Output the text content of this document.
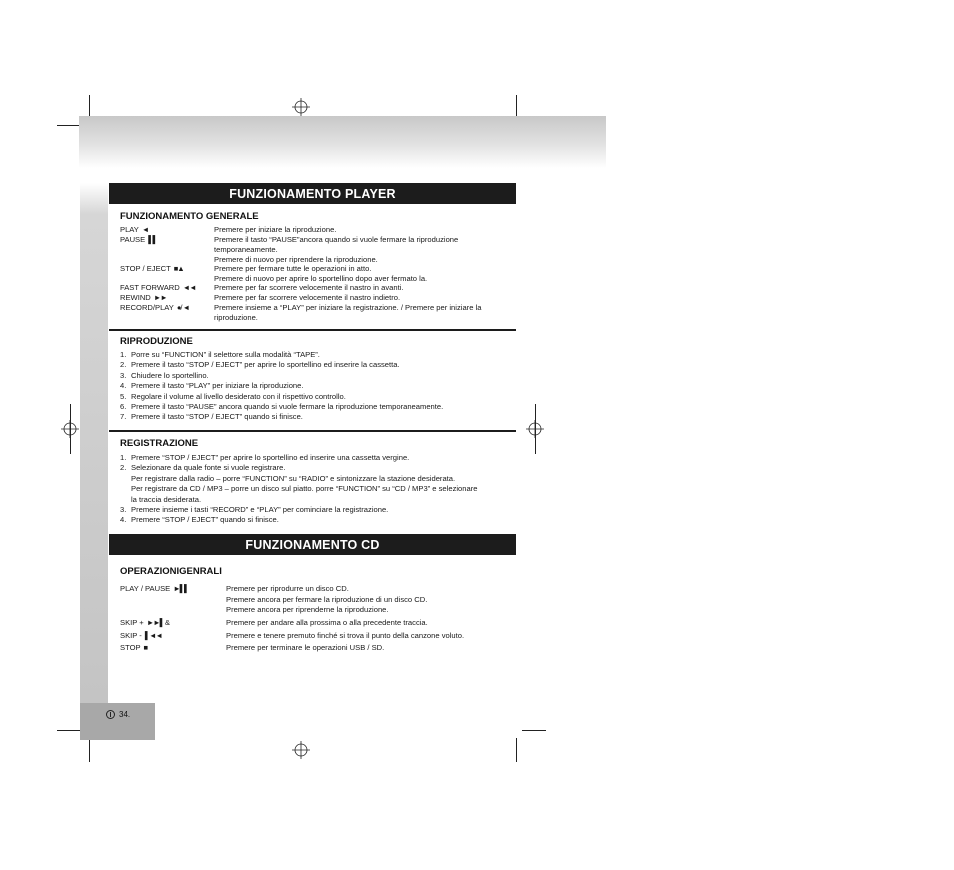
34.
FUNZIONAMENTO PLAYER
FUNZIONAMENTO GENERALE
PLAY ◄	Premere per iniziare la riproduzione.
PAUSE ▌▌	Premere il tasto “PAUSE”ancora quando si vuole fermare la riproduzione
temporaneamente.
Premere di nuovo per riprendere la riproduzione.
STOP / EJECT ■▲	Premere per fermare tutte le operazioni in atto.
Premere di nuovo per aprire lo sportellino dopo aver fermato la.
FAST FORWARD ◄◄ Premere per far scorrere velocemente il nastro in avanti.
REWIND ►►	Premere per far scorrere velocemente il nastro indietro.
RECORD/PLAY ●/ ◄	Premere insieme a “PLAY” per iniziare la registrazione. / Premere per iniziare la
riproduzione.
RIPRODUZIONE
1. Porre su “FUNCTION” il selettore sulla modalità “TAPE”.
2. Premere il tasto “STOP / EJECT” per aprire lo sportellino ed inserire la cassetta.
3. Chiudere lo sportellino.
4. Premere il tasto “PLAY” per iniziare la riproduzione.
5. Regolare il volume al livello desiderato con il rispettivo controllo.
6. Premere il tasto “PAUSE” ancora quando si vuole fermare la riproduzione temporaneamente.
7. Premere il tasto “STOP / EJECT” quando si finisce.
REGISTRAZIONE
1. Premere “STOP / EJECT” per aprire lo sportellino ed inserire una cassetta vergine.
2. Selezionare da quale fonte si vuole registrare.
Per registrare dalla radio – porre “FUNCTION” su “RADIO” e sintonizzare la stazione desiderata.
Per registrare da CD / MP3 – porre un disco sul piatto. porre “FUNCTION” su “CD / MP3” e selezionare
la traccia desiderata.
3. Premere insieme i tasti “RECORD” e “PLAY” per cominciare la registrazione.
4. Premere “STOP / EJECT” quando si finisce.
FUNZIONAMENTO CD
OPERAZIONIGENRALI
PLAY / PAUSE ►▌▌	Premere per riprodurre un disco CD.
Premere ancora per fermare la riproduzione di un disco CD.
Premere ancora per riprenderne la riproduzione.
SKIP + ►►▌ &	Premere per andare alla prossima o alla precedente traccia.
SKIP - ▌◄◄	Premere e tenere premuto finché si trova il punto della canzone voluto.
STOP ■	Premere per terminare le operazioni USB / SD.
